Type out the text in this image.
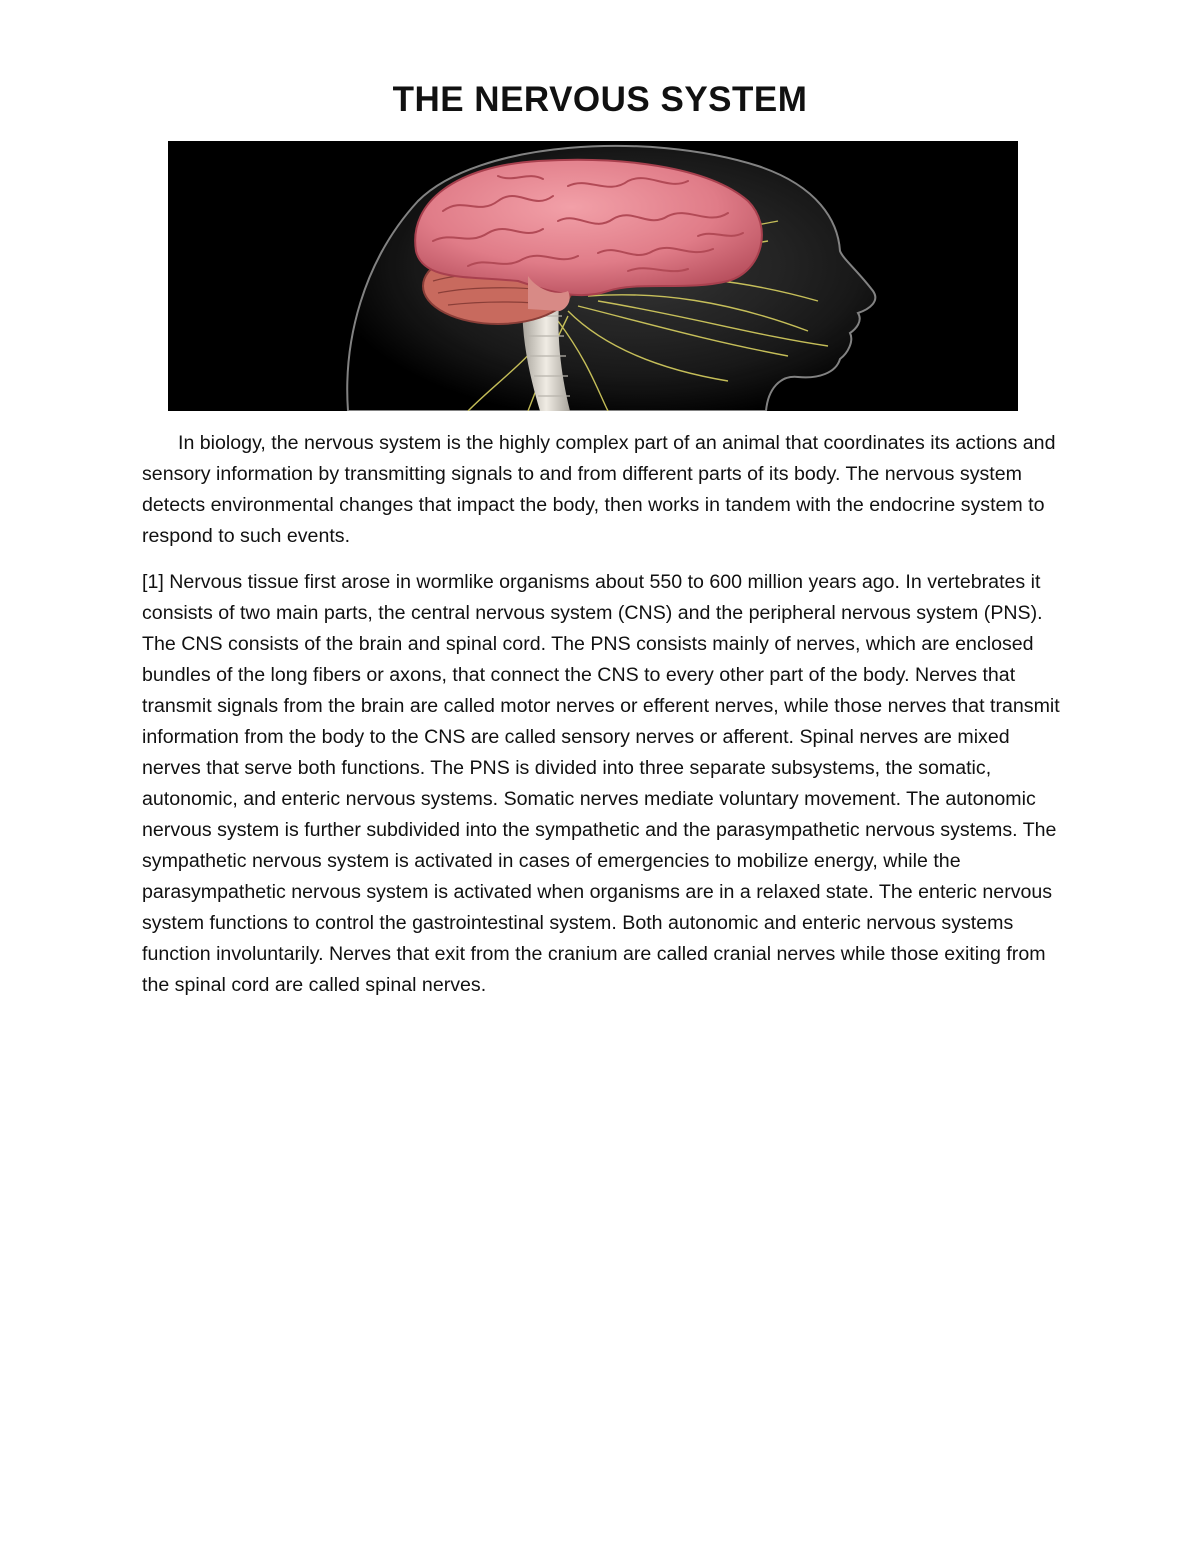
THE NERVOUS SYSTEM

In biology, the nervous system is the highly complex part of an animal that coordinates its actions and sensory information by transmitting signals to and from different parts of its body. The nervous system detects environmental changes that impact the body, then works in tandem with the endocrine system to respond to such events.

[1] Nervous tissue first arose in wormlike organisms about 550 to 600 million years ago. In vertebrates it consists of two main parts, the central nervous system (CNS) and the peripheral nervous system (PNS). The CNS consists of the brain and spinal cord. The PNS consists mainly of nerves, which are enclosed bundles of the long fibers or axons, that connect the CNS to every other part of the body. Nerves that transmit signals from the brain are called motor nerves or efferent nerves, while those nerves that transmit information from the body to the CNS are called sensory nerves or afferent. Spinal nerves are mixed nerves that serve both functions. The PNS is divided into three separate subsystems, the somatic, autonomic, and enteric nervous systems. Somatic nerves mediate voluntary movement. The autonomic nervous system is further subdivided into the sympathetic and the parasympathetic nervous systems. The sympathetic nervous system is activated in cases of emergencies to mobilize energy, while the parasympathetic nervous system is activated when organisms are in a relaxed state. The enteric nervous system functions to control the gastrointestinal system. Both autonomic and enteric nervous systems function involuntarily. Nerves that exit from the cranium are called cranial nerves while those exiting from the spinal cord are called spinal nerves.
